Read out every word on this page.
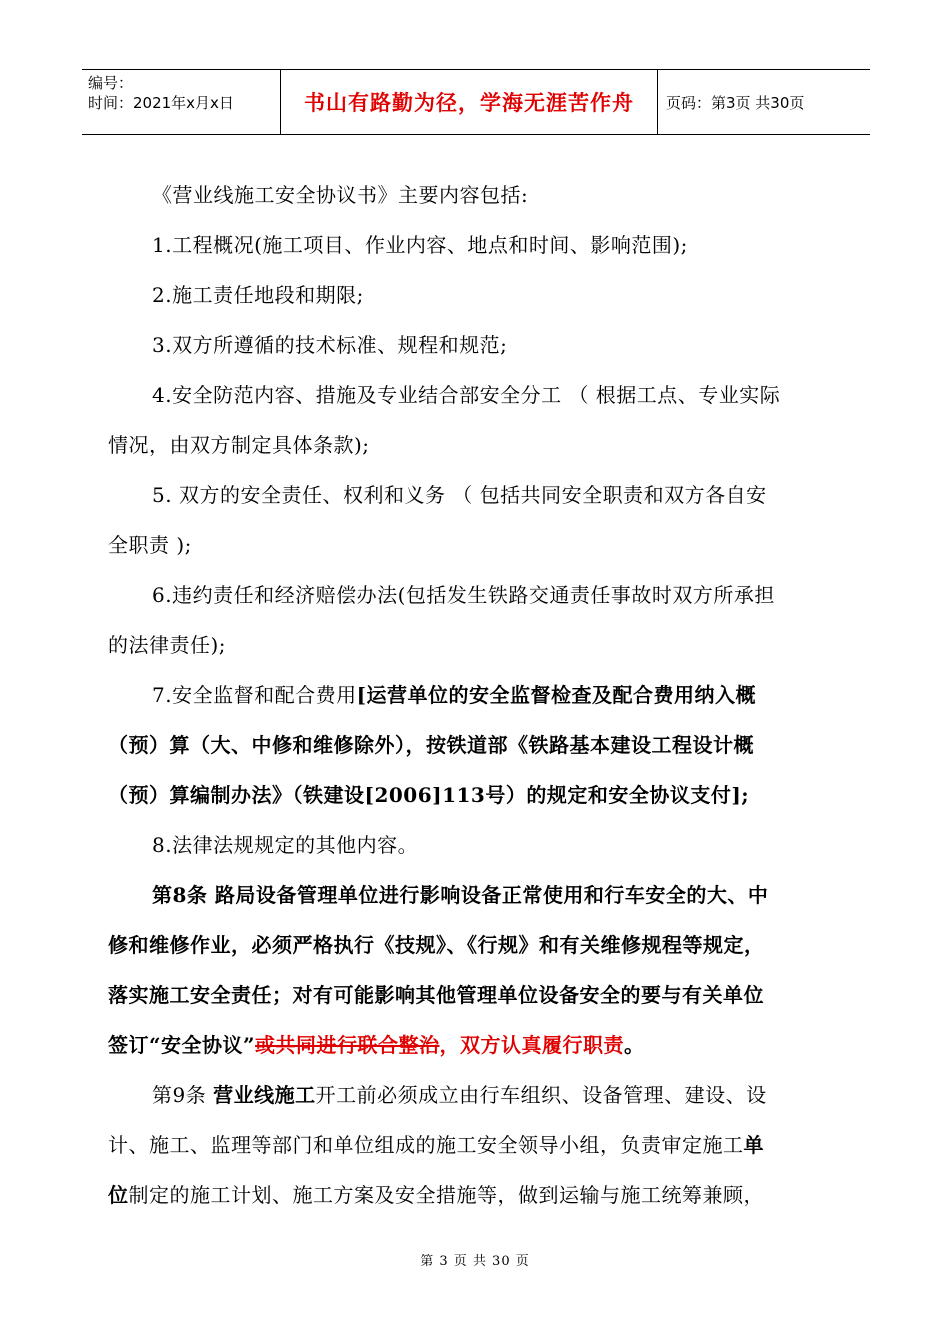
编号：
时间：2021年x月x日	书山有路勤为径，学海无涯苦作舟	页码：第3页 共30页

《营业线施工安全协议书》主要内容包括:

1.工程概况(施工项目、作业内容、地点和时间、影响范围);

2.施工责任地段和期限;

3.双方所遵循的技术标准、规程和规范;

4.安全防范内容、措施及专业结合部安全分工 （ 根据工点、专业实际

情况，由双方制定具体条款);

5. 双方的安全责任、权利和义务 （ 包括共同安全职责和双方各自安

全职责 );

6.违约责任和经济赔偿办法(包括发生铁路交通责任事故时双方所承担

的法律责任);

7.安全监督和配合费用[运营单位的安全监督检查及配合费用纳入概

（预）算（大、中修和维修除外），按铁道部《铁路基本建设工程设计概

（预）算编制办法》（铁建设[2006]113号）的规定和安全协议支付];

8.法律法规规定的其他内容。

第8条 路局设备管理单位进行影响设备正常使用和行车安全的大、中

修和维修作业，必须严格执行《技规》、《行规》和有关维修规程等规定，

落实施工安全责任；对有可能影响其他管理单位设备安全的要与有关单位

签订“安全协议”或共同进行联合整治，双方认真履行职责。

第9条 营业线施工开工前必须成立由行车组织、设备管理、建设、设

计、施工、监理等部门和单位组成的施工安全领导小组，负责审定施工单

位制定的施工计划、施工方案及安全措施等，做到运输与施工统筹兼顾，

第 3 页 共 30 页
